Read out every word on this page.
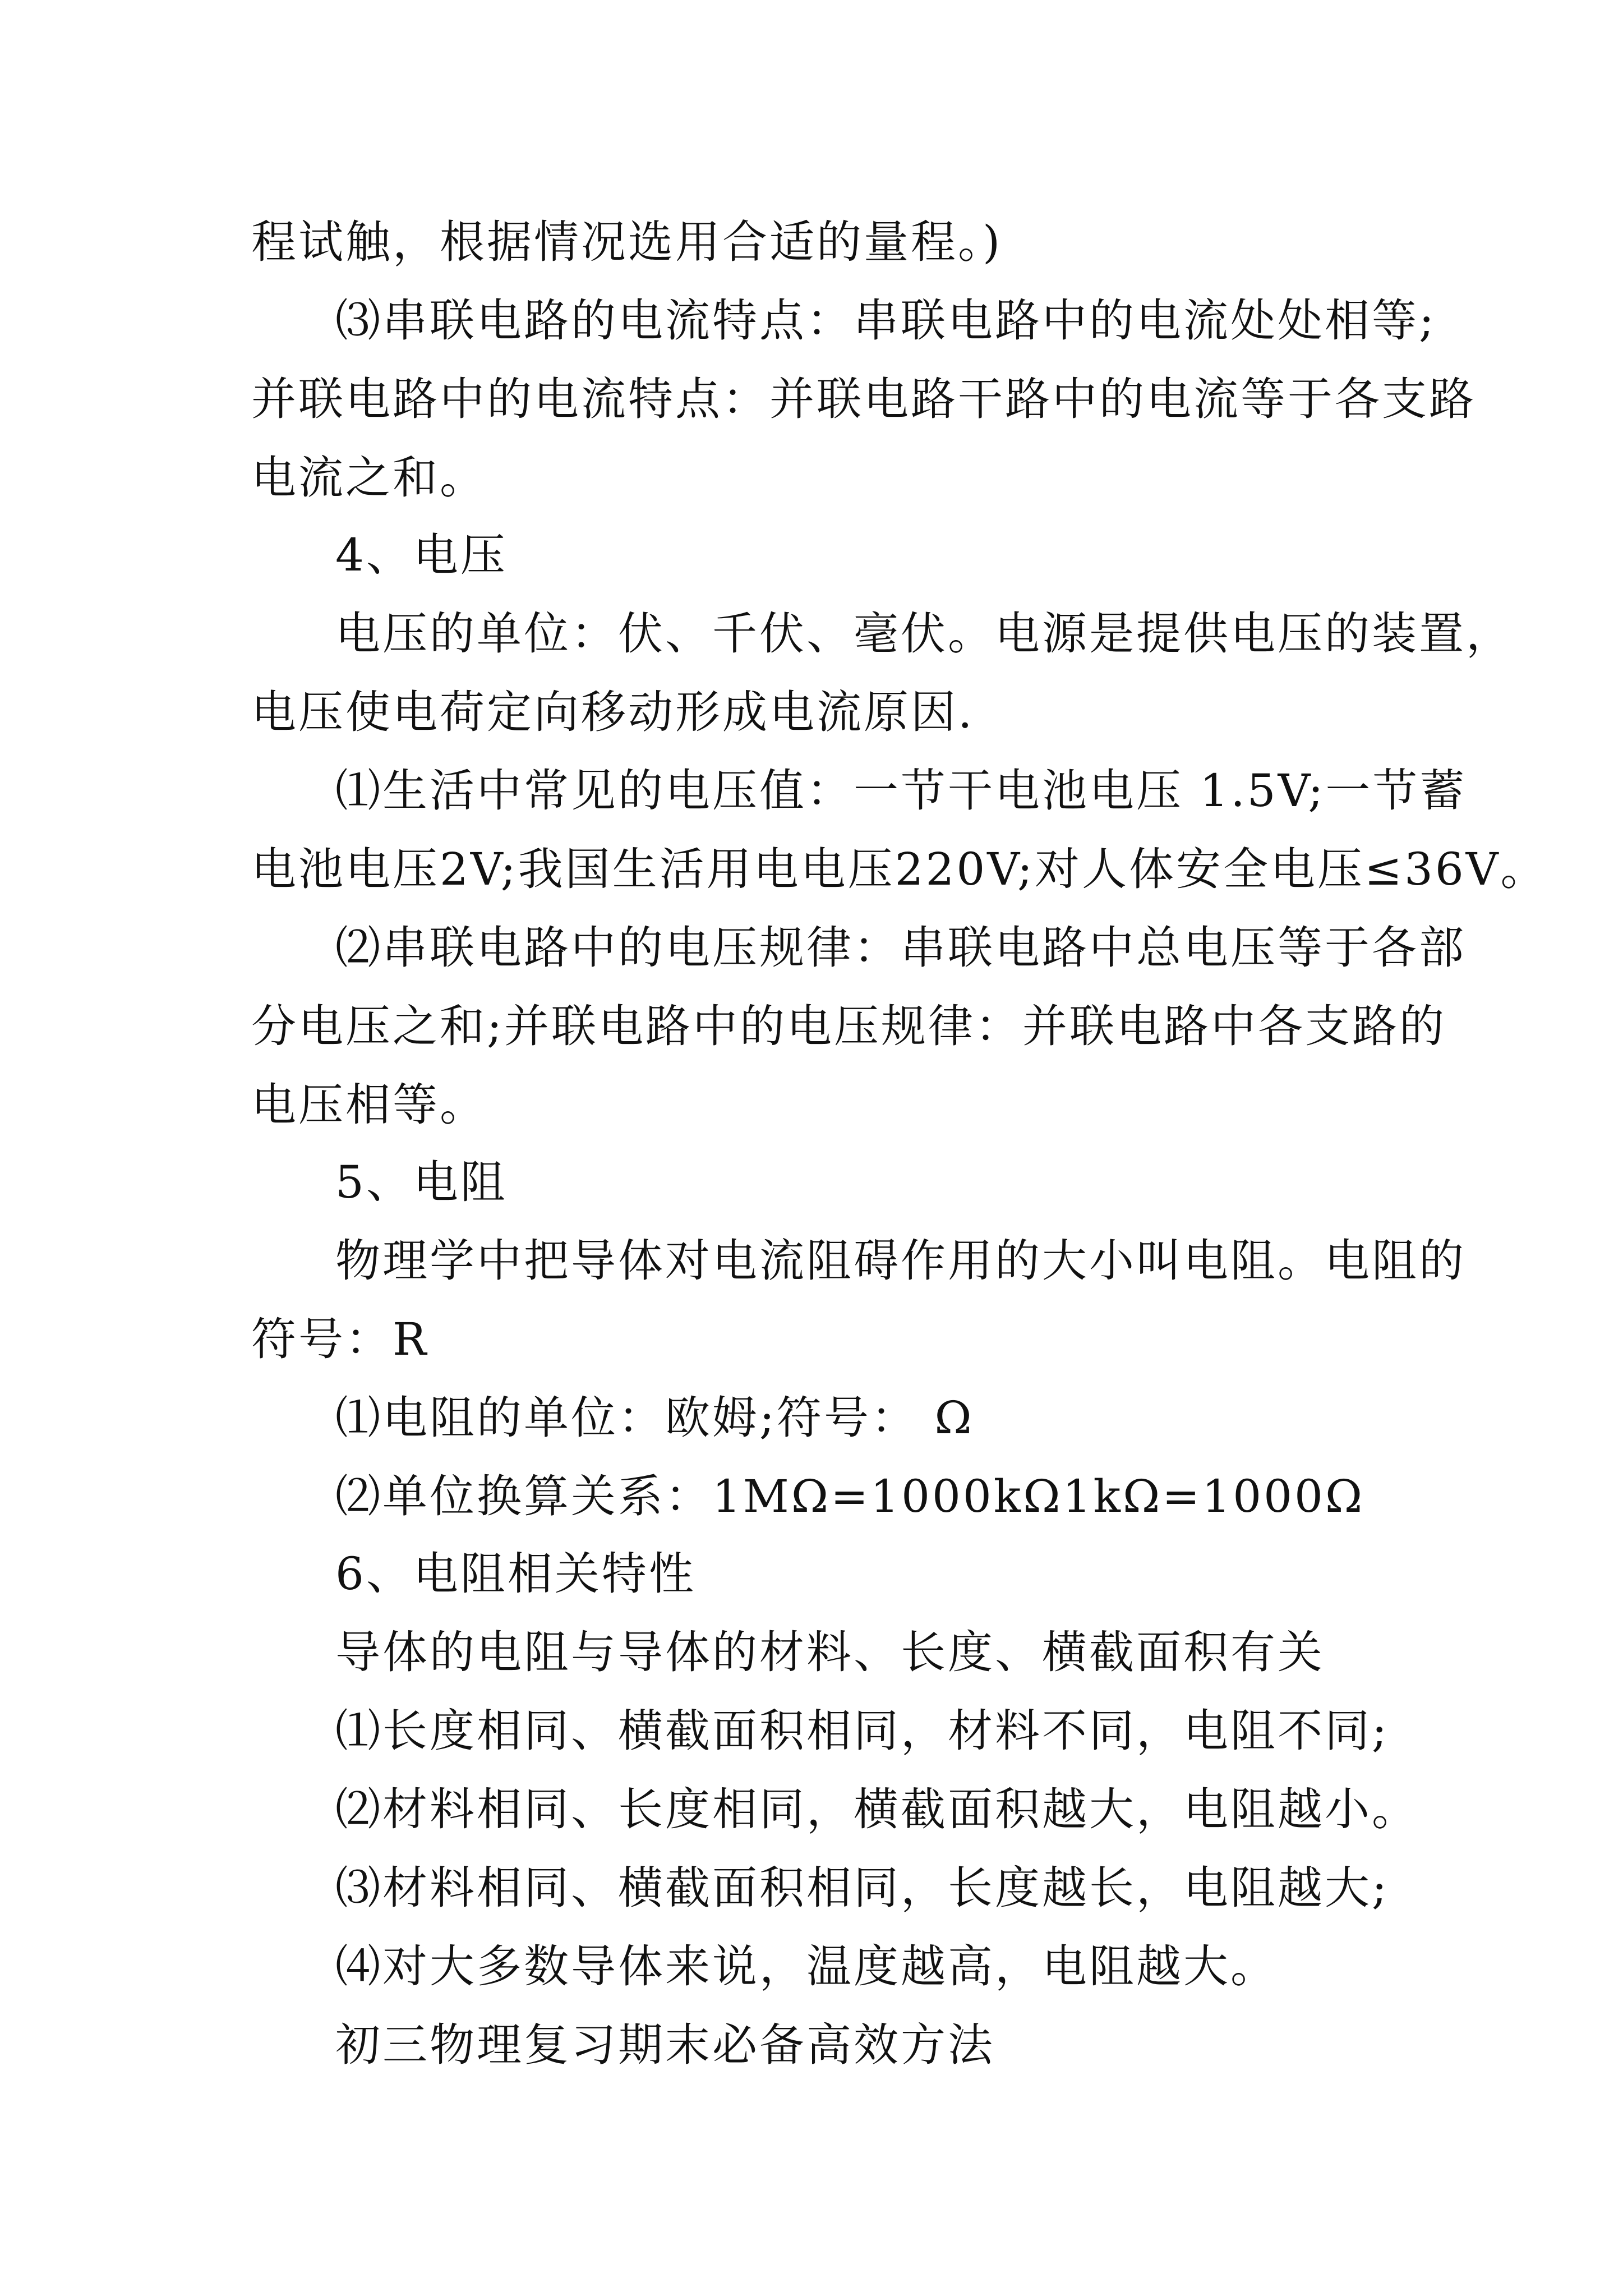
程试触，根据情况选用合适的量程。)
⑶串联电路的电流特点：串联电路中的电流处处相等;
并联电路中的电流特点：并联电路干路中的电流等于各支路
电流之和。
4、电压
电压的单位：伏、千伏、毫伏。电源是提供电压的装置，
电压使电荷定向移动形成电流原因.
⑴生活中常见的电压值：一节干电池电压 1.5V;一节蓄
电池电压2V;我国生活用电电压220V;对人体安全电压≤36V。
⑵串联电路中的电压规律：串联电路中总电压等于各部
分电压之和;并联电路中的电压规律：并联电路中各支路的
电压相等。
5、电阻
物理学中把导体对电流阻碍作用的大小叫电阻。电阻的
符号：R
⑴电阻的单位：欧姆;符号： Ω
⑵单位换算关系：1MΩ=1000kΩ1kΩ=1000Ω
6、电阻相关特性
导体的电阻与导体的材料、长度、横截面积有关
⑴长度相同、横截面积相同，材料不同，电阻不同;
⑵材料相同、长度相同，横截面积越大，电阻越小。
⑶材料相同、横截面积相同，长度越长，电阻越大;
⑷对大多数导体来说，温度越高，电阻越大。
初三物理复习期末必备高效方法
